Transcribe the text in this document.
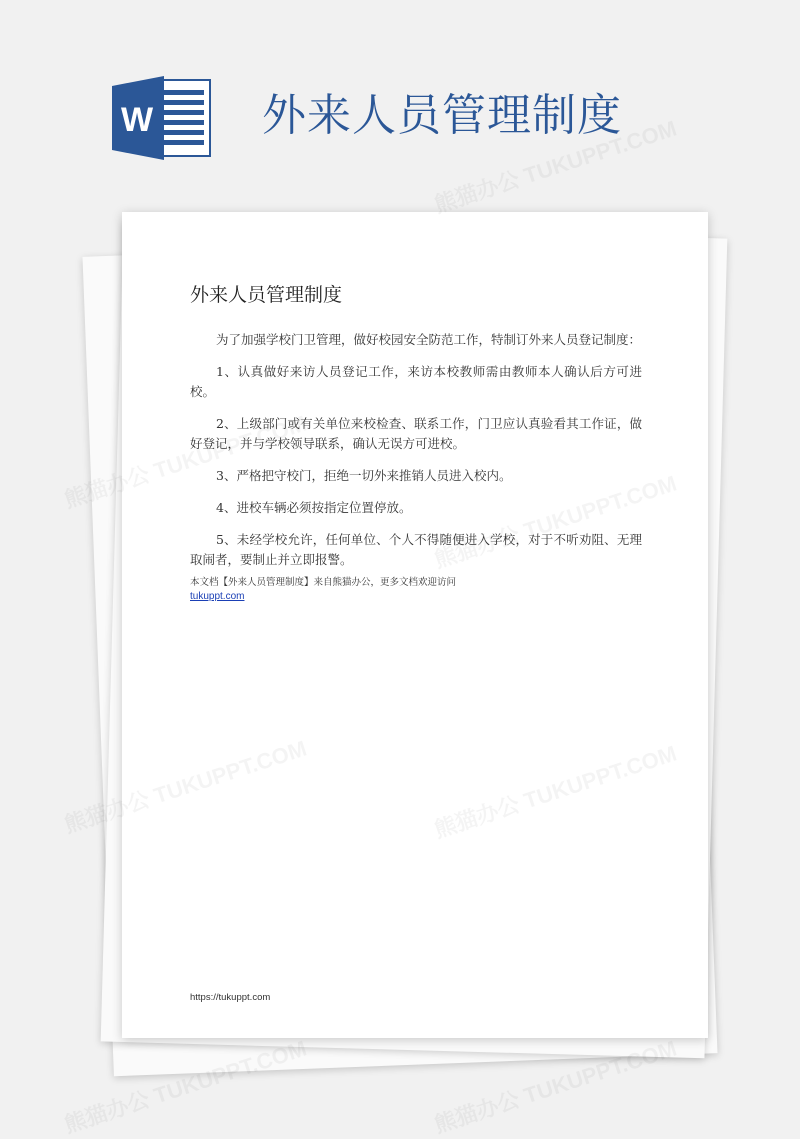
W 外来人员管理制度
外来人员管理制度

为了加强学校门卫管理，做好校园安全防范工作，特制订外来人员登记制度：

1、认真做好来访人员登记工作，来访本校教师需由教师本人确认后方可进校。

2、上级部门或有关单位来校检查、联系工作，门卫应认真验看其工作证，做好登记，并与学校领导联系，确认无误方可进校。

3、严格把守校门，拒绝一切外来推销人员进入校内。

4、进校车辆必须按指定位置停放。

5、未经学校允许，任何单位、个人不得随便进入学校，对于不听劝阻、无理取闹者，要制止并立即报警。

本文档【外来人员管理制度】来自熊猫办公，更多文档欢迎访问
tukuppt.com
https://tukuppt.com
